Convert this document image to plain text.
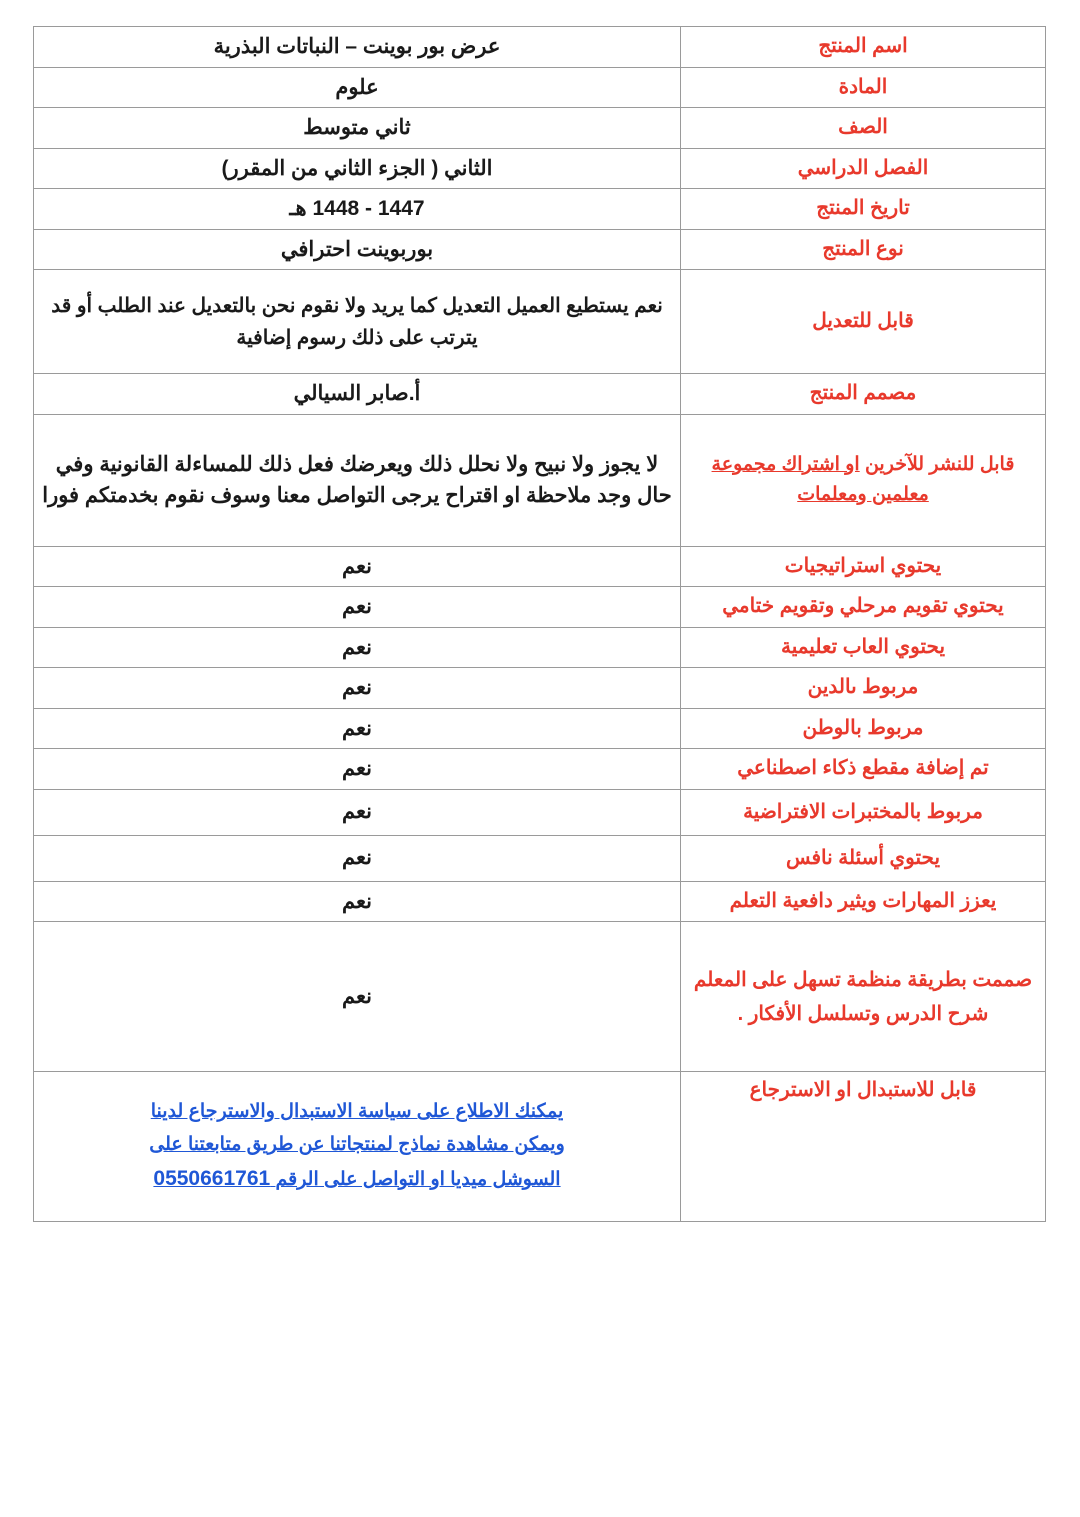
اسم المنتج	عرض بور بوينت – النباتات البذرية
المادة	علوم
الصف	ثاني متوسط
الفصل الدراسي	الثاني ( الجزء الثاني من المقرر)
تاريخ المنتج	1447 - 1448 هـ
نوع المنتج	بوربوينت احترافي
قابل للتعديل	نعم يستطيع العميل التعديل كما يريد ولا نقوم نحن بالتعديل عند الطلب أو قد يترتب على ذلك رسوم إضافية
مصمم المنتج	أ.صابر السيالي
قابل للنشر للآخرين او اشتراك مجموعة معلمين ومعلمات	لا يجوز ولا نبيح ولا نحلل ذلك ويعرضك فعل ذلك للمساءلة القانونية وفي حال وجد ملاحظة او اقتراح يرجى التواصل معنا وسوف نقوم بخدمتكم فورا
يحتوي استراتيجيات	نعم
يحتوي تقويم مرحلي وتقويم ختامي	نعم
يحتوي العاب تعليمية	نعم
مربوط ىالدين	نعم
مربوط بالوطن	نعم
تم إضافة مقطع ذكاء اصطناعي	نعم
مربوط بالمختبرات الافتراضية	نعم
يحتوي أسئلة نافس	نعم
يعزز المهارات ويثير دافعية التعلم	نعم
صممت بطريقة منظمة تسهل على المعلم شرح الدرس وتسلسل الأفكار .	نعم
قابل للاستبدال او الاسترجاع	يمكنك الاطلاع على سياسة الاستبدال والاسترجاع لدينا
ويمكن مشاهدة نماذج لمنتجاتنا عن طريق متابعتنا على
السوشل ميديا او التواصل على الرقم 0550661761
